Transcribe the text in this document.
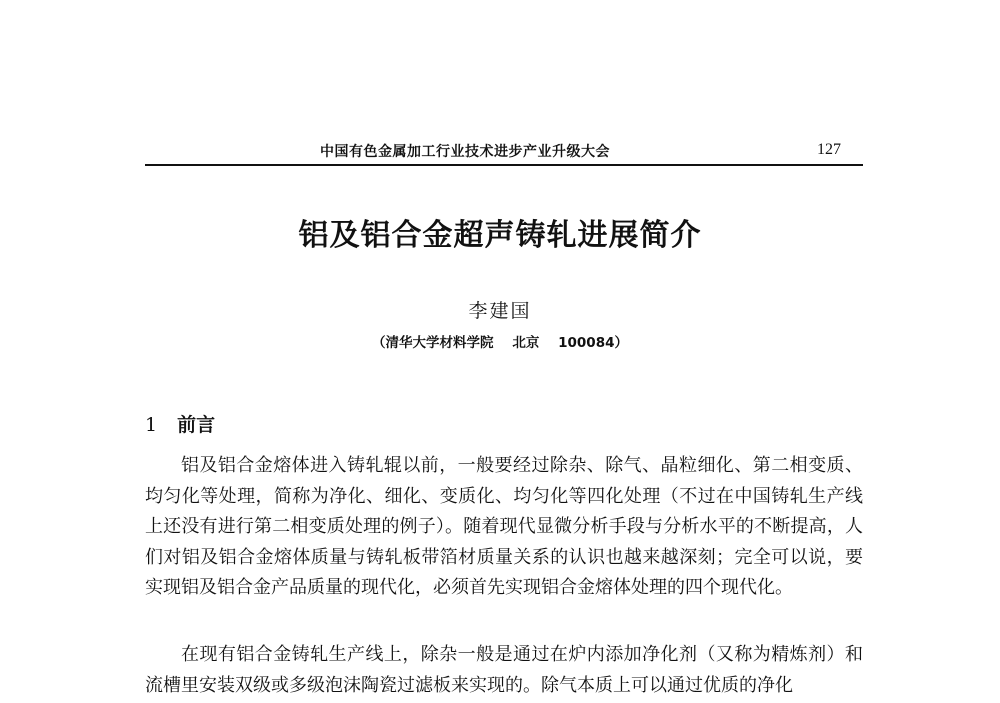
中国有色金属加工行业技术进步产业升级大会	127
铝及铝合金超声铸轧进展简介
李建国
（清华大学材料学院    北京    100084）
1 前言

铝及铝合金熔体进入铸轧辊以前，一般要经过除杂、除气、晶粒细化、第二相变质、均匀化等处理，简称为净化、细化、变质化、均匀化等四化处理（不过在中国铸轧生产线上还没有进行第二相变质处理的例子）。随着现代显微分析手段与分析水平的不断提高，人们对铝及铝合金熔体质量与铸轧板带箔材质量关系的认识也越来越深刻；完全可以说，要实现铝及铝合金产品质量的现代化，必须首先实现铝合金熔体处理的四个现代化。

在现有铝合金铸轧生产线上，除杂一般是通过在炉内添加净化剂（又称为精炼剂）和流槽里安装双级或多级泡沫陶瓷过滤板来实现的。除气本质上可以通过优质的净化
